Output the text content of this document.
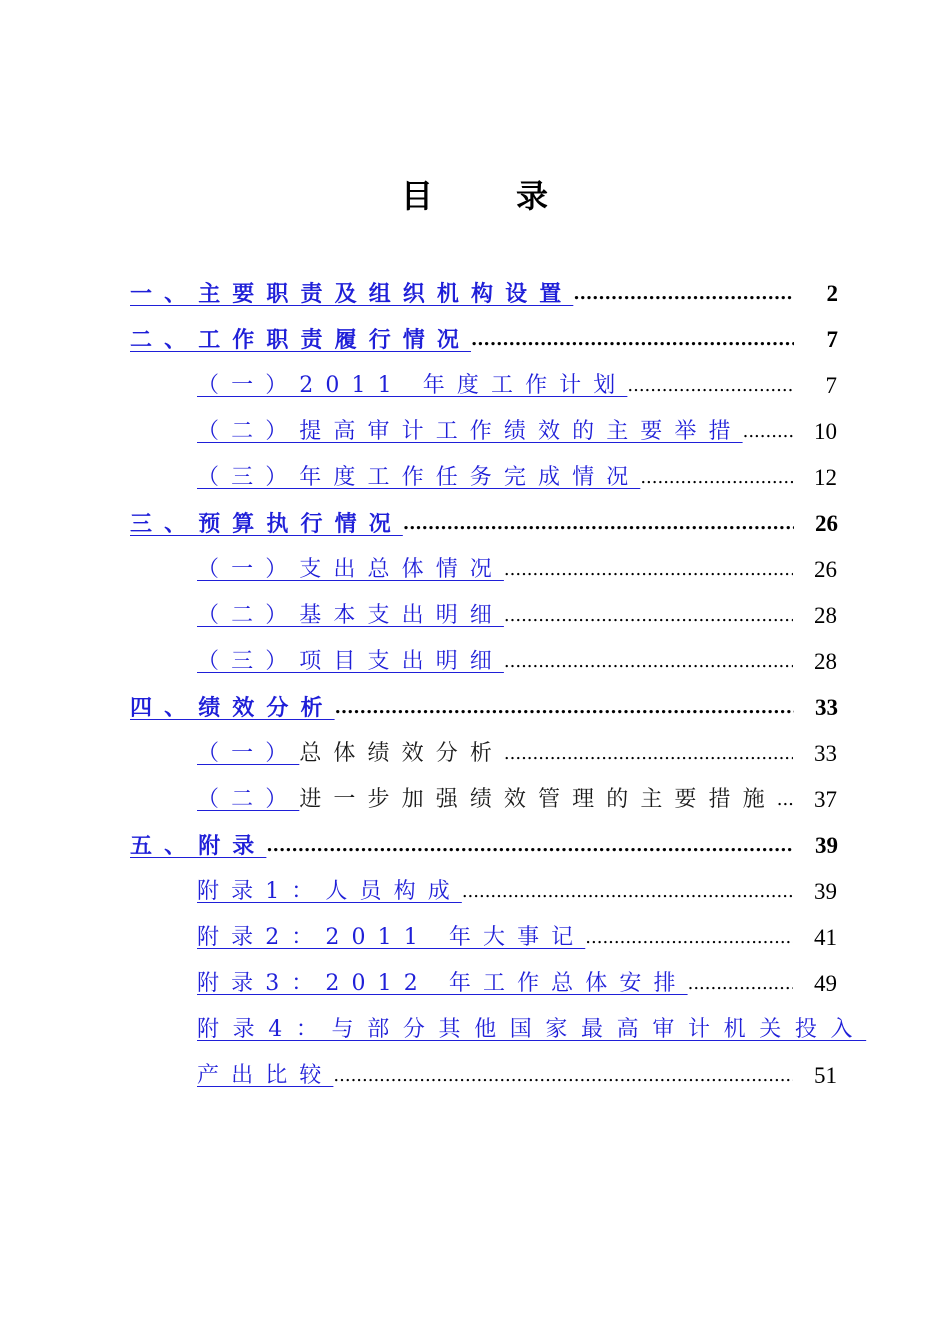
目	录
一、主要职责及组织机构设置 .....	2
二、工作职责履行情况 .....	7
（一）2011 年度工作计划 .....	7
（二）提高审计工作绩效的主要举措 .....	10
（三）年度工作任务完成情况 .....	12
三、预算执行情况 .....	26
（一）支出总体情况 .....	26
（二）基本支出明细 .....	28
（三）项目支出明细 .....	28
四、绩效分析 .....	33
（一）总体绩效分析 .....	33
（二）进一步加强绩效管理的主要措施 .....	37
五、附录 .....	39
附录1：人员构成 .....	39
附录2：2011 年大事记 .....	41
附录3：2012 年工作总体安排 .....	49
附录4：与部分其他国家最高审计机关投入
产出比较 .....	51
